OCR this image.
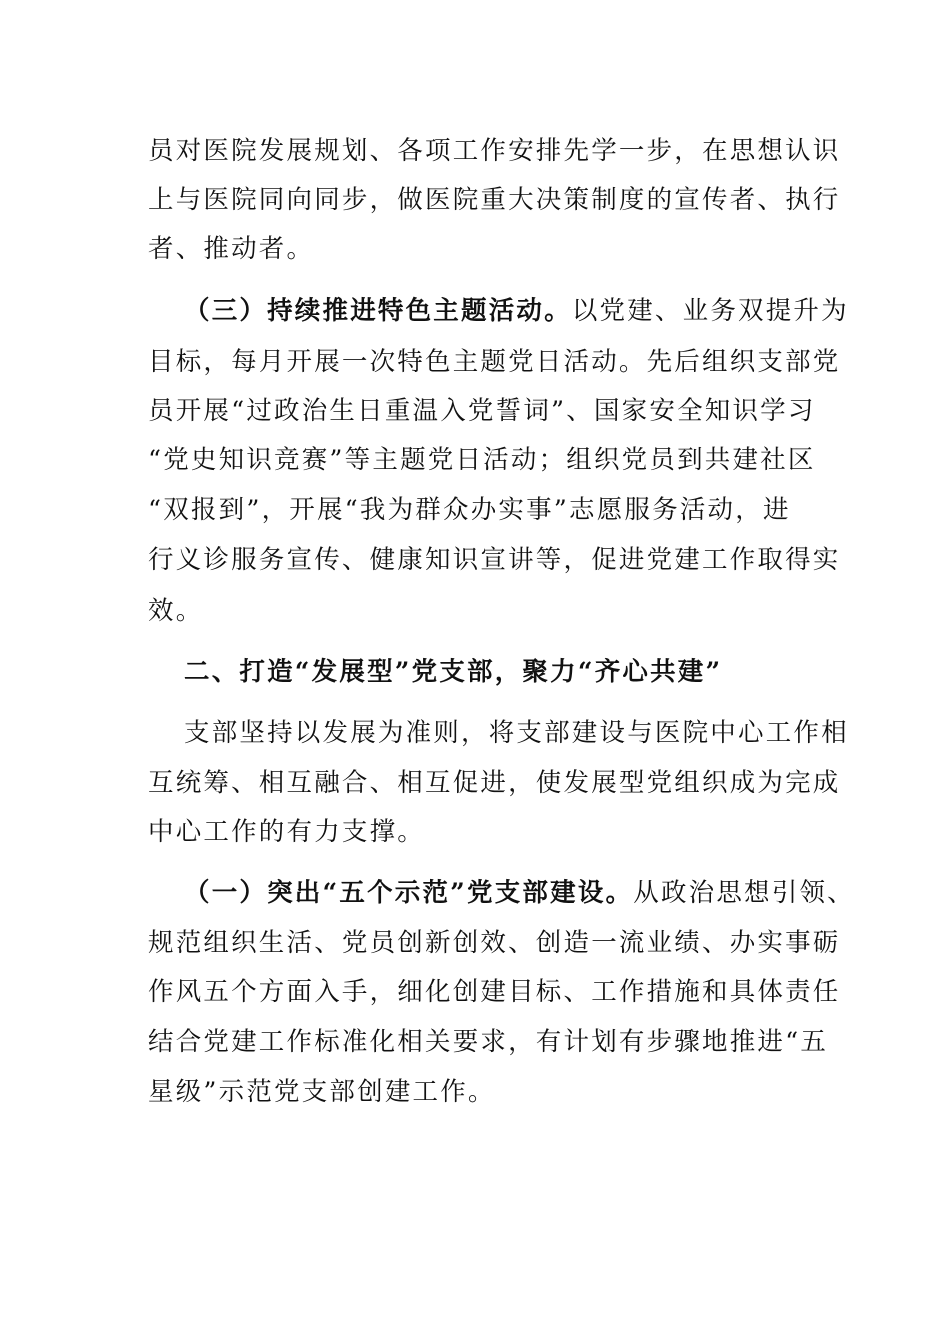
员对医院发展规划、各项工作安排先学一步，在思想认识
上与医院同向同步，做医院重大决策制度的宣传者、执行
者、推动者。
（三）持续推进特色主题活动。以党建、业务双提升为
目标，每月开展一次特色主题党日活动。先后组织支部党
员开展“过政治生日重温入党誓词”、国家安全知识学习
“党史知识竞赛”等主题党日活动；组织党员到共建社区
“双报到”，开展“我为群众办实事”志愿服务活动，进
行义诊服务宣传、健康知识宣讲等，促进党建工作取得实
效。
二、打造“发展型”党支部，聚力“齐心共建”
支部坚持以发展为准则，将支部建设与医院中心工作相
互统筹、相互融合、相互促进，使发展型党组织成为完成
中心工作的有力支撑。
（一）突出“五个示范”党支部建设。从政治思想引领、
规范组织生活、党员创新创效、创造一流业绩、办实事砺
作风五个方面入手，细化创建目标、工作措施和具体责任
结合党建工作标准化相关要求，有计划有步骤地推进“五
星级”示范党支部创建工作。
